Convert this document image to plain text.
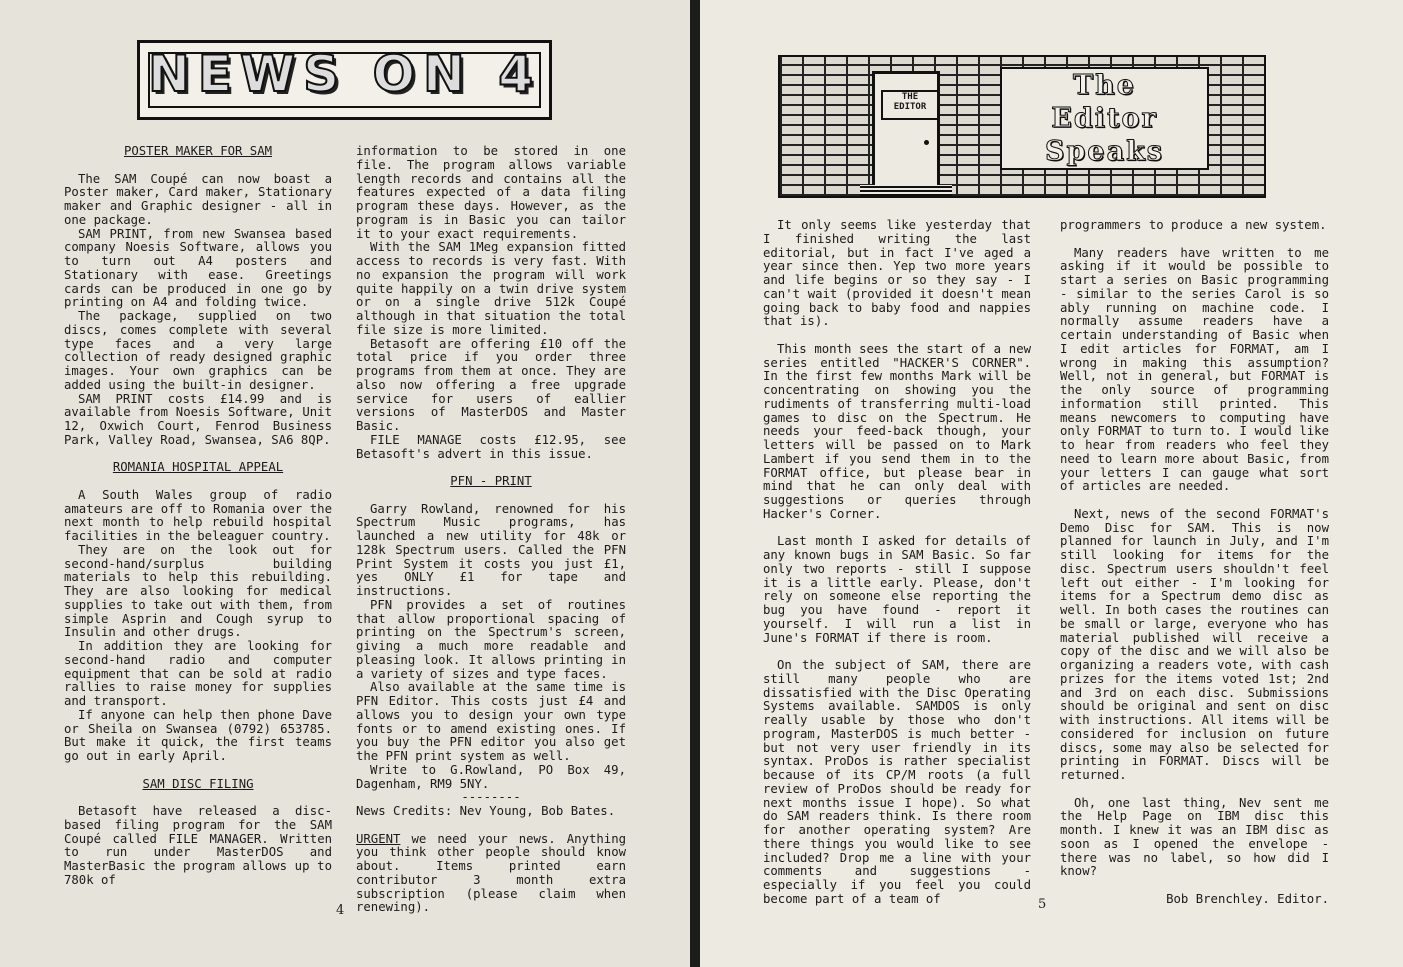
NEWS ON 4
POSTER MAKER FOR SAM

The SAM Coupé can now boast a Poster maker, Card maker, Stationary maker and Graphic designer - all in one package.

SAM PRINT, from new Swansea based company Noesis Software, allows you to turn out A4 posters and Stationary with ease. Greetings cards can be produced in one go by printing on A4 and folding twice.

The package, supplied on two discs, comes complete with several type faces and a very large collection of ready designed graphic images. Your own graphics can be added using the built-in designer.

SAM PRINT costs £14.99 and is available from Noesis Software, Unit 12, Oxwich Court, Fenrod Business Park, Valley Road, Swansea, SA6 8QP.

ROMANIA HOSPITAL APPEAL

A South Wales group of radio amateurs are off to Romania over the next month to help rebuild hospital facilities in the beleaguer country.

They are on the look out for second-hand/surplus building materials to help this rebuilding. They are also looking for medical supplies to take out with them, from simple Asprin and Cough syrup to Insulin and other drugs.

In addition they are looking for second-hand radio and computer equipment that can be sold at radio rallies to raise money for supplies and transport.

If anyone can help then phone Dave or Sheila on Swansea (0792) 653785. But make it quick, the first teams go out in early April.

SAM DISC FILING

Betasoft have released a disc-based filing program for the SAM Coupé called FILE MANAGER. Written to run under MasterDOS and MasterBasic the program allows up to 780k of

information to be stored in one file. The program allows variable length records and contains all the features expected of a data filing program these days. However, as the program is in Basic you can tailor it to your exact requirements.

With the SAM 1Meg expansion fitted access to records is very fast. With no expansion the program will work quite happily on a twin drive system or on a single drive 512k Coupé although in that situation the total file size is more limited.

Betasoft are offering £10 off the total price if you order three programs from them at once. They are also now offering a free upgrade service for users of eallier versions of MasterDOS and Master Basic.

FILE MANAGE costs £12.95, see Betasoft's advert in this issue.

PFN - PRINT

Garry Rowland, renowned for his Spectrum Music programs, has launched a new utility for 48k or 128k Spectrum users. Called the PFN Print System it costs you just £1, yes ONLY £1 for tape and instructions.

PFN provides a set of routines that allow proportional spacing of printing on the Spectrum's screen, giving a much more readable and pleasing look. It allows printing in a variety of sizes and type faces.

Also available at the same time is PFN Editor. This costs just £4 and allows you to design your own type fonts or to amend existing ones. If you buy the PFN editor you also get the PFN print system as well.

Write to G.Rowland, PO Box 49, Dagenham, RM9 5NY.

--------

News Credits: Nev Young, Bob Bates.

URGENT we need your news. Anything you think other people should know about. Items printed earn contributor 3 month extra subscription (please claim when renewing).

4
THE
EDITOR
The
Editor
Speaks

It only seems like yesterday that I finished writing the last editorial, but in fact I've aged a year since then. Yep two more years and life begins or so they say - I can't wait (provided it doesn't mean going back to baby food and nappies that is).

This month sees the start of a new series entitled "HACKER'S CORNER". In the first few months Mark will be concentrating on showing you the rudiments of transferring multi-load games to disc on the Spectrum. He needs your feed-back though, your letters will be passed on to Mark Lambert if you send them in to the FORMAT office, but please bear in mind that he can only deal with suggestions or queries through Hacker's Corner.

Last month I asked for details of any known bugs in SAM Basic. So far only two reports - still I suppose it is a little early. Please, don't rely on someone else reporting the bug you have found - report it yourself. I will run a list in June's FORMAT if there is room.

On the subject of SAM, there are still many people who are dissatisfied with the Disc Operating Systems available. SAMDOS is only really usable by those who don't program, MasterDOS is much better - but not very user friendly in its syntax. ProDos is rather specialist because of its CP/M roots (a full review of ProDos should be ready for next months issue I hope). So what do SAM readers think. Is there room for another operating system? Are there things you would like to see included? Drop me a line with your comments and suggestions - especially if you feel you could become part of a team of

programmers to produce a new system.

Many readers have written to me asking if it would be possible to start a series on Basic programming - similar to the series Carol is so ably running on machine code. I normally assume readers have a certain understanding of Basic when I edit articles for FORMAT, am I wrong in making this assumption? Well, not in general, but FORMAT is the only source of programming information still printed. This means newcomers to computing have only FORMAT to turn to. I would like to hear from readers who feel they need to learn more about Basic, from your letters I can gauge what sort of articles are needed.

Next, news of the second FORMAT's Demo Disc for SAM. This is now planned for launch in July, and I'm still looking for items for the disc. Spectrum users shouldn't feel left out either - I'm looking for items for a Spectrum demo disc as well. In both cases the routines can be small or large, everyone who has material published will receive a copy of the disc and we will also be organizing a readers vote, with cash prizes for the items voted 1st; 2nd and 3rd on each disc. Submissions should be original and sent on disc with instructions. All items will be considered for inclusion on future discs, some may also be selected for printing in FORMAT. Discs will be returned.

Oh, one last thing, Nev sent me the Help Page on IBM disc this month. I knew it was an IBM disc as soon as I opened the envelope - there was no label, so how did I know?

Bob Brenchley. Editor.

5
